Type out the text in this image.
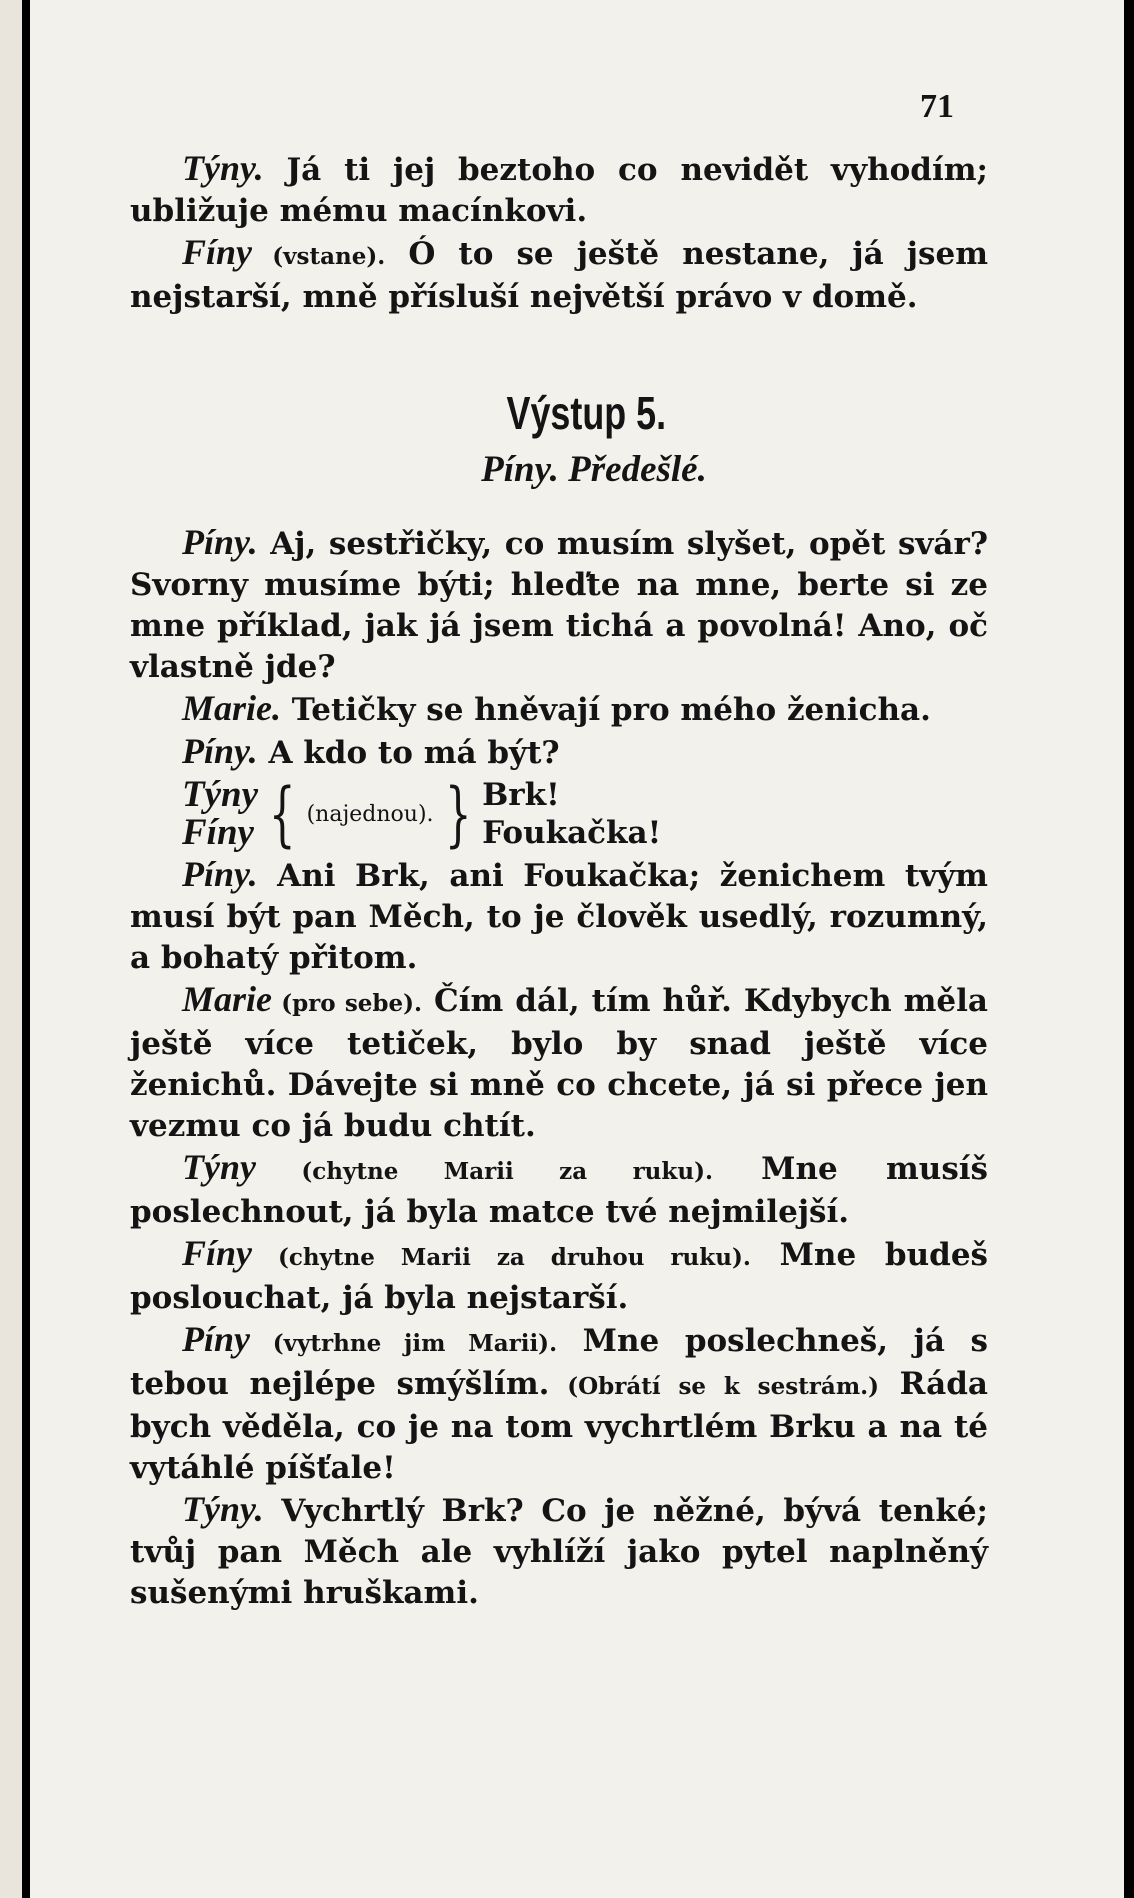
71

Týny. Já ti jej beztoho co nevidět vyhodím; ubližuje mému macínkovi.

Fíny (vstane). Ó to se ještě nestane, já jsem nejstarší, mně přísluší největší právo v domě.

Výstup 5.
Píny. Předešlé.

Píny. Aj, sestřičky, co musím slyšet, opět svár? Svorny musíme býti; hleďte na mne, berte si ze mne příklad, jak já jsem tichá a povolná! Ano, oč vlastně jde?

Marie. Tetičky se hněvají pro mého ženicha.

Píny. A kdo to má být?

Týny
Fíny { (najednou). } Brk!
Foukačka!

Píny. Ani Brk, ani Foukačka; ženichem tvým musí být pan Měch, to je člověk usedlý, rozumný, a bohatý přitom.

Marie (pro sebe). Čím dál, tím hůř. Kdybych měla ještě více tetiček, bylo by snad ještě více ženichů. Dávejte si mně co chcete, já si přece jen vezmu co já budu chtít.

Týny (chytne Marii za ruku). Mne musíš poslechnout, já byla matce tvé nejmilejší.

Fíny (chytne Marii za druhou ruku). Mne budeš poslouchat, já byla nejstarší.

Píny (vytrhne jim Marii). Mne poslechneš, já s tebou nejlépe smýšlím. (Obrátí se k sestrám.) Ráda bych věděla, co je na tom vychrtlém Brku a na té vytáhlé píšťale!

Týny. Vychrtlý Brk? Co je něžné, bývá tenké; tvůj pan Měch ale vyhlíží jako pytel naplněný sušenými hruškami.
